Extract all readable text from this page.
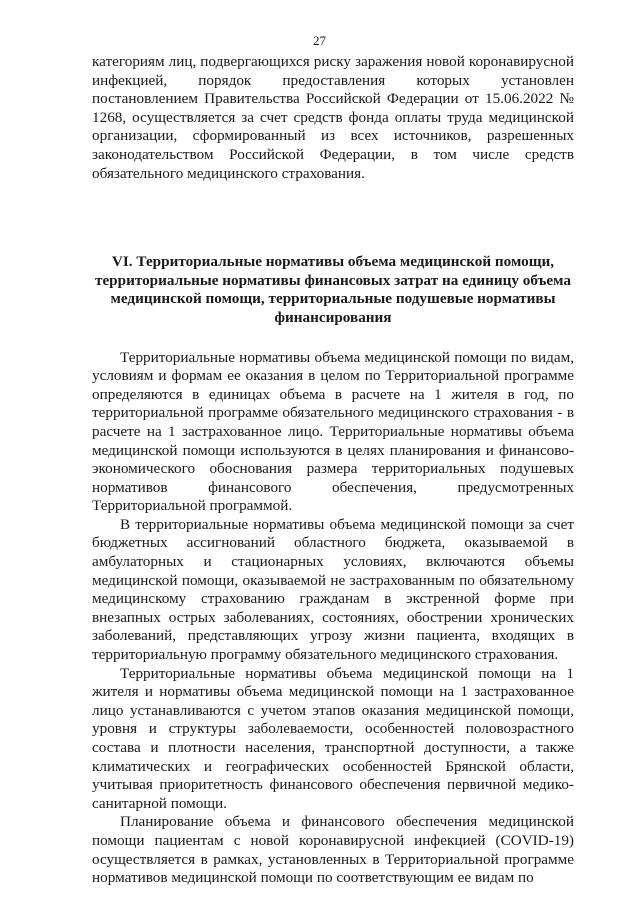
27

категориям лиц, подвергающихся риску заражения новой коронавирусной инфекцией, порядок предоставления которых установлен постановлением Правительства Российской Федерации от 15.06.2022 № 1268, осуществляется за счет средств фонда оплаты труда медицинской организации, сформированный из всех источников, разрешенных законодательством Российской Федерации, в том числе средств обязательного медицинского страхования.

VI. Территориальные нормативы объема медицинской помощи, территориальные нормативы финансовых затрат на единицу объема медицинской помощи, территориальные подушевые нормативы финансирования

Территориальные нормативы объема медицинской помощи по видам, условиям и формам ее оказания в целом по Территориальной программе определяются в единицах объема в расчете на 1 жителя в год, по территориальной программе обязательного медицинского страхования - в расчете на 1 застрахованное лицо. Территориальные нормативы объема медицинской помощи используются в целях планирования и финансово-экономического обоснования размера территориальных подушевых нормативов финансового обеспечения, предусмотренных Территориальной программой.

В территориальные нормативы объема медицинской помощи за счет бюджетных ассигнований областного бюджета, оказываемой в амбулаторных и стационарных условиях, включаются объемы медицинской помощи, оказываемой не застрахованным по обязательному медицинскому страхованию гражданам в экстренной форме при внезапных острых заболеваниях, состояниях, обострении хронических заболеваний, представляющих угрозу жизни пациента, входящих в территориальную программу обязательного медицинского страхования.

Территориальные нормативы объема медицинской помощи на 1 жителя и нормативы объема медицинской помощи на 1 застрахованное лицо устанавливаются с учетом этапов оказания медицинской помощи, уровня и структуры заболеваемости, особенностей половозрастного состава и плотности населения, транспортной доступности, а также климатических и географических особенностей Брянской области, учитывая приоритетность финансового обеспечения первичной медико-санитарной помощи.

Планирование объема и финансового обеспечения медицинской помощи пациентам с новой коронавирусной инфекцией (COVID-19) осуществляется в рамках, установленных в Территориальной программе нормативов медицинской помощи по соответствующим ее видам по
